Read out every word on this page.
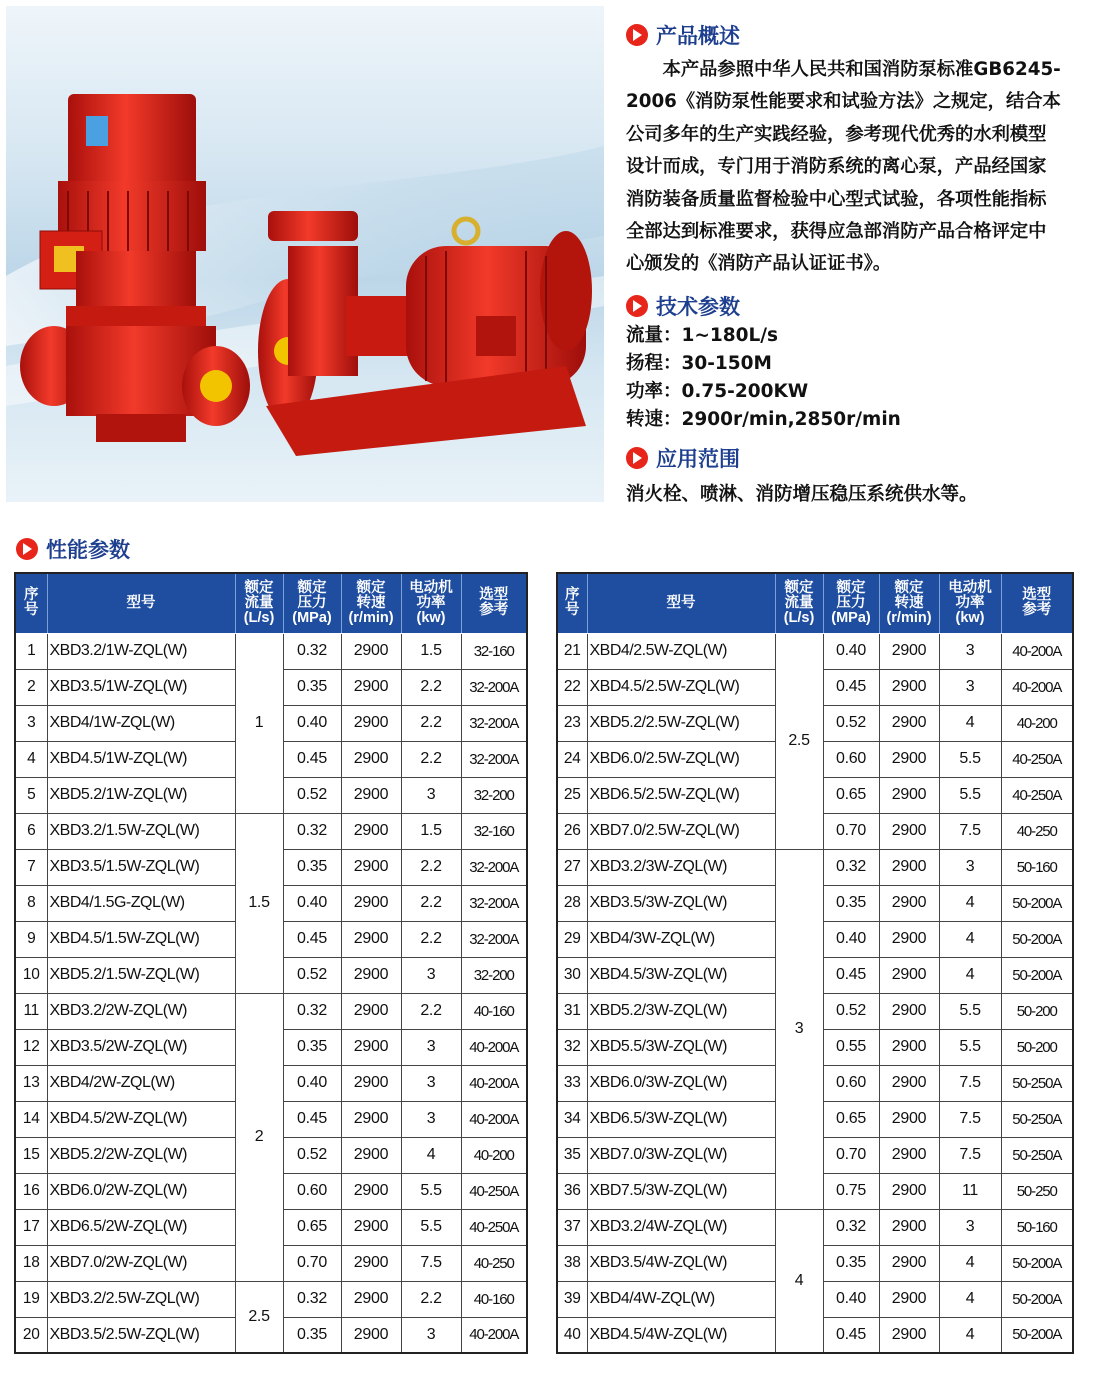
产品概述
　　本产品参照中华人民共和国消防泵标准GB6245-
2006《消防泵性能要求和试验方法》之规定，结合本
公司多年的生产实践经验，参考现代优秀的水利模型
设计而成，专门用于消防系统的离心泵，产品经国家
消防装备质量监督检验中心型式试验，各项性能指标
全部达到标准要求，获得应急部消防产品合格评定中
心颁发的《消防产品认证证书》。
技术参数
流量：1~180L/s
扬程：30-150M
功率：0.75-200KW
转速：2900r/min,2850r/min
应用范围
消火栓、喷淋、消防增压稳压系统供水等。
性能参数
序
号	型号	额定
流量
(L/s)	额定
压力
(MPa)	额定
转速
(r/min)	电动机
功率
(kw)	选型
参考
1	XBD3.2/1W-ZQL(W)	1	0.32	2900	1.5	32-160
2	XBD3.5/1W-ZQL(W)		0.35	2900	2.2	32-200A
3	XBD4/1W-ZQL(W)		0.40	2900	2.2	32-200A
4	XBD4.5/1W-ZQL(W)		0.45	2900	2.2	32-200A
5	XBD5.2/1W-ZQL(W)		0.52	2900	3	32-200
6	XBD3.2/1.5W-ZQL(W)	1.5	0.32	2900	1.5	32-160
7	XBD3.5/1.5W-ZQL(W)		0.35	2900	2.2	32-200A
8	XBD4/1.5G-ZQL(W)		0.40	2900	2.2	32-200A
9	XBD4.5/1.5W-ZQL(W)		0.45	2900	2.2	32-200A
10	XBD5.2/1.5W-ZQL(W)		0.52	2900	3	32-200
11	XBD3.2/2W-ZQL(W)	2	0.32	2900	2.2	40-160
12	XBD3.5/2W-ZQL(W)		0.35	2900	3	40-200A
13	XBD4/2W-ZQL(W)		0.40	2900	3	40-200A
14	XBD4.5/2W-ZQL(W)		0.45	2900	3	40-200A
15	XBD5.2/2W-ZQL(W)		0.52	2900	4	40-200
16	XBD6.0/2W-ZQL(W)		0.60	2900	5.5	40-250A
17	XBD6.5/2W-ZQL(W)		0.65	2900	5.5	40-250A
18	XBD7.0/2W-ZQL(W)		0.70	2900	7.5	40-250
19	XBD3.2/2.5W-ZQL(W)	2.5	0.32	2900	2.2	40-160
20	XBD3.5/2.5W-ZQL(W)		0.35	2900	3	40-200A
序
号	型号	额定
流量
(L/s)	额定
压力
(MPa)	额定
转速
(r/min)	电动机
功率
(kw)	选型
参考
21	XBD4/2.5W-ZQL(W)	2.5	0.40	2900	3	40-200A
22	XBD4.5/2.5W-ZQL(W)		0.45	2900	3	40-200A
23	XBD5.2/2.5W-ZQL(W)		0.52	2900	4	40-200
24	XBD6.0/2.5W-ZQL(W)		0.60	2900	5.5	40-250A
25	XBD6.5/2.5W-ZQL(W)		0.65	2900	5.5	40-250A
26	XBD7.0/2.5W-ZQL(W)		0.70	2900	7.5	40-250
27	XBD3.2/3W-ZQL(W)	3	0.32	2900	3	50-160
28	XBD3.5/3W-ZQL(W)		0.35	2900	4	50-200A
29	XBD4/3W-ZQL(W)		0.40	2900	4	50-200A
30	XBD4.5/3W-ZQL(W)		0.45	2900	4	50-200A
31	XBD5.2/3W-ZQL(W)		0.52	2900	5.5	50-200
32	XBD5.5/3W-ZQL(W)		0.55	2900	5.5	50-200
33	XBD6.0/3W-ZQL(W)		0.60	2900	7.5	50-250A
34	XBD6.5/3W-ZQL(W)		0.65	2900	7.5	50-250A
35	XBD7.0/3W-ZQL(W)		0.70	2900	7.5	50-250A
36	XBD7.5/3W-ZQL(W)		0.75	2900	11	50-250
37	XBD3.2/4W-ZQL(W)	4	0.32	2900	3	50-160
38	XBD3.5/4W-ZQL(W)		0.35	2900	4	50-200A
39	XBD4/4W-ZQL(W)		0.40	2900	4	50-200A
40	XBD4.5/4W-ZQL(W)		0.45	2900	4	50-200A
